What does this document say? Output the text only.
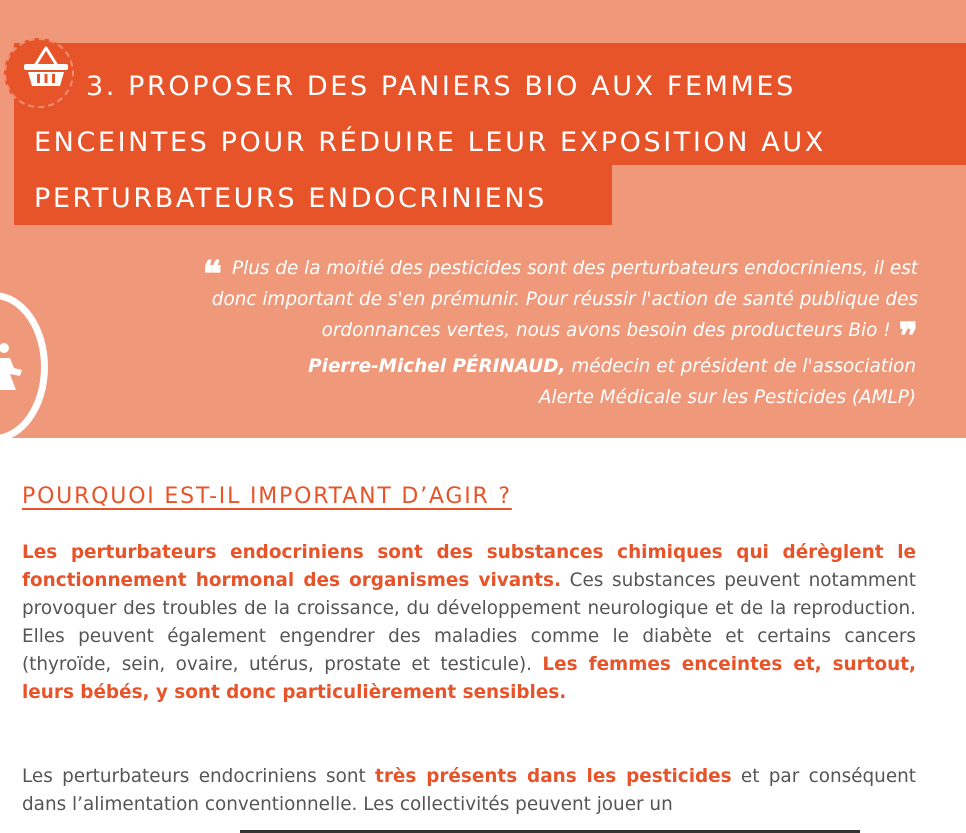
3. PROPOSER DES PANIERS BIO AUX FEMMES
ENCEINTES POUR RÉDUIRE LEUR EXPOSITION AUX
PERTURBATEURS ENDOCRINIENS
❝ Plus de la moitié des pesticides sont des perturbateurs endocriniens, il est
donc important de s'en prémunir. Pour réussir l'action de santé publique des
ordonnances vertes, nous avons besoin des producteurs Bio ! ❞
Pierre-Michel PÉRINAUD, médecin et président de l'association
Alerte Médicale sur les Pesticides (AMLP)
POURQUOI EST-IL IMPORTANT D’AGIR ?

Les perturbateurs endocriniens sont des substances chimiques qui dérèglent le fonctionnement hormonal des organismes vivants. Ces substances peuvent notamment provoquer des troubles de la croissance, du développement neurologique et de la reproduction. Elles peuvent également engendrer des maladies comme le diabète et certains cancers (thyroïde, sein, ovaire, utérus, prostate et testicule). Les femmes enceintes et, surtout, leurs bébés, y sont donc particulièrement sensibles.

Les perturbateurs endocriniens sont très présents dans les pesticides et par conséquent dans l’alimentation conventionnelle. Les collectivités peuvent jouer un
